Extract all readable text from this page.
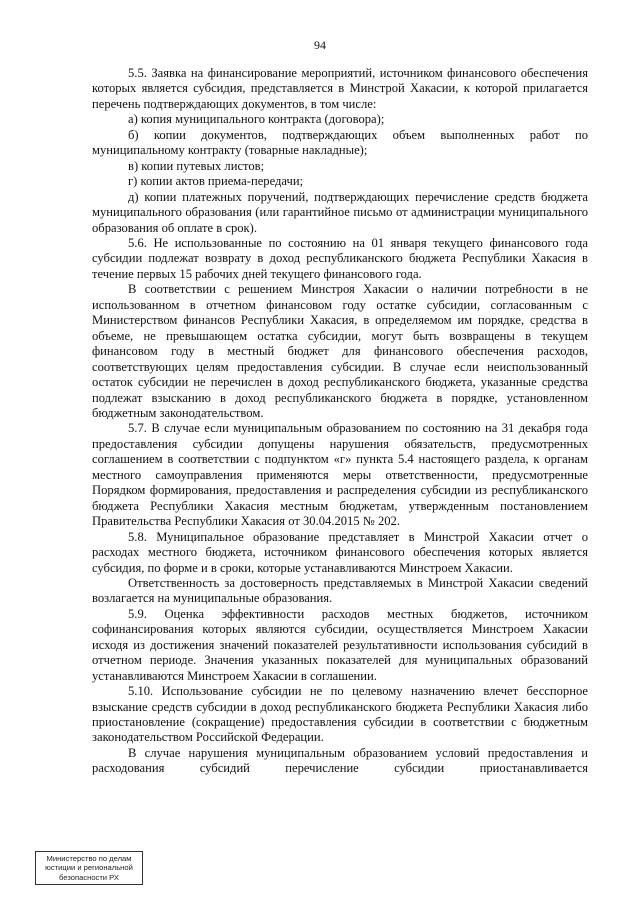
94

5.5. Заявка на финансирование мероприятий, источником финансового обеспечения которых является субсидия, представляется в Минстрой Хакасии, к которой прилагается перечень подтверждающих документов, в том числе:

а) копия муниципального контракта (договора);

б) копии документов, подтверждающих объем выполненных работ по муниципальному контракту (товарные накладные);

в) копии путевых листов;

г) копии актов приема-передачи;

д) копии платежных поручений, подтверждающих перечисление средств бюджета муниципального образования (или гарантийное письмо от администрации муниципального образования об оплате в срок).

5.6. Не использованные по состоянию на 01 января текущего финансового года субсидии подлежат возврату в доход республиканского бюджета Республики Хакасия в течение первых 15 рабочих дней текущего финансового года.

В соответствии с решением Минстроя Хакасии о наличии потребности в не использованном в отчетном финансовом году остатке субсидии, согласованным с Министерством финансов Республики Хакасия, в определяемом им порядке, средства в объеме, не превышающем остатка субсидии, могут быть возвращены в текущем финансовом году в местный бюджет для финансового обеспечения расходов, соответствующих целям предоставления субсидии. В случае если неиспользованный остаток субсидии не перечислен в доход республиканского бюджета, указанные средства подлежат взысканию в доход республиканского бюджета в порядке, установленном бюджетным законодательством.

5.7. В случае если муниципальным образованием по состоянию на 31 декабря года предоставления субсидии допущены нарушения обязательств, предусмотренных соглашением в соответствии с подпунктом «г» пункта 5.4 настоящего раздела, к органам местного самоуправления применяются меры ответственности, предусмотренные Порядком формирования, предоставления и распределения субсидии из республиканского бюджета Республики Хакасия местным бюджетам, утвержденным постановлением Правительства Республики Хакасия от 30.04.2015 № 202.

5.8. Муниципальное образование представляет в Минстрой Хакасии отчет о расходах местного бюджета, источником финансового обеспечения которых является субсидия, по форме и в сроки, которые устанавливаются Минстроем Хакасии.

Ответственность за достоверность представляемых в Минстрой Хакасии сведений возлагается на муниципальные образования.

5.9. Оценка эффективности расходов местных бюджетов, источником софинансирования которых являются субсидии, осуществляется Минстроем Хакасии исходя из достижения значений показателей результативности использования субсидий в отчетном периоде. Значения указанных показателей для муниципальных образований устанавливаются Минстроем Хакасии в соглашении.

5.10. Использование субсидии не по целевому назначению влечет бесспорное взыскание средств субсидии в доход республиканского бюджета Республики Хакасия либо приостановление (сокращение) предоставления субсидии в соответствии с бюджетным законодательством Российской Федерации.

В случае нарушения муниципальным образованием условий предоставления и расходования субсидий перечисление субсидии приостанавливается

Министерство по делам
юстиции и региональной
безопасности РХ
